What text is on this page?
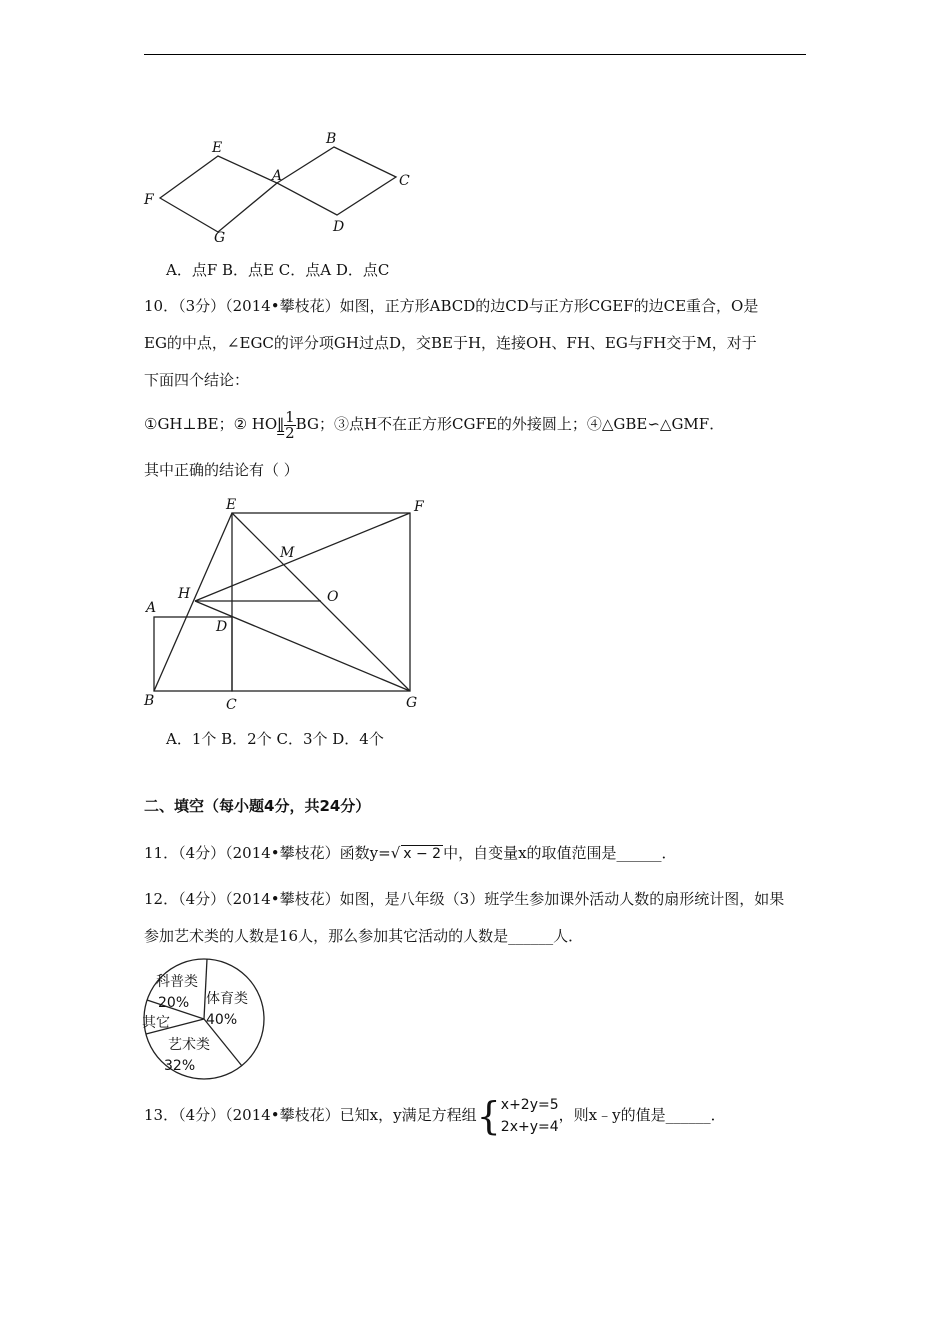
E
B
F
A	C
G
D
A．点F B．点E C．点A D．点C
10．（3分）（2014•攀枝花）如图，正方形ABCD的边CD与正方形CGEF的边CE重合，O是
EG的中点，∠EGC的评分项GH过点D，交BE于H，连接OH、FH、EG与FH交于M，对于
下面四个结论：
①GH⊥BE；② HO∥ $\frac{1}{2}$ BG；③点H不在正方形CGFE的外接圆上；④△GBE∽△GMF．
其中正确的结论有（ ）
E	F
M
H	O
A
D
B	C	G
A．1个 B．2个 C．3个 D．4个
二、填空（每小题4分，共24分）
11．（4分）（2014•攀枝花）函数y=√ x − 2 中，自变量x的取值范围是______．
12．（4分）（2014•攀枝花）如图，是八年级（3）班学生参加课外活动人数的扇形统计图，如果
参加艺术类的人数是16人，那么参加其它活动的人数是______人．
科普类
20% 体育类
40%
其它
艺术类
32%
13．（4分）（2014•攀枝花）已知x，y满足方程组{ x+2y=5
2x+y=4
，则x﹣y的值是______．
